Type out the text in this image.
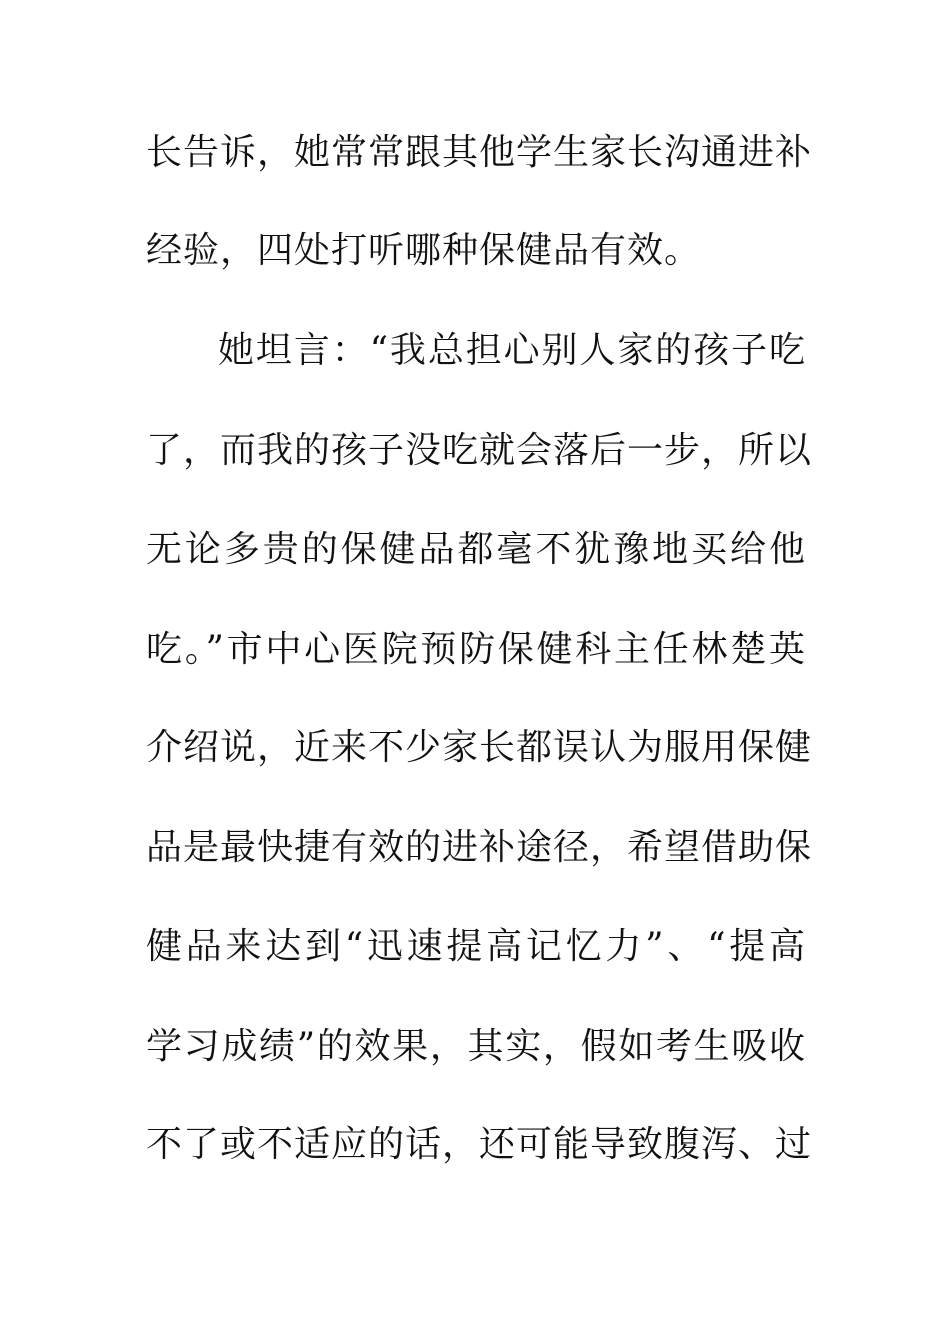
长告诉，她常常跟其他学生家长沟通进补
经验，四处打听哪种保健品有效。
她坦言：“我总担心别人家的孩子吃
了，而我的孩子没吃就会落后一步，所以
无论多贵的保健品都毫不犹豫地买给他
吃。”市中心医院预防保健科主任林楚英
介绍说，近来不少家长都误认为服用保健
品是最快捷有效的进补途径，希望借助保
健品来达到“迅速提高记忆力”、“提高
学习成绩”的效果，其实，假如考生吸收
不了或不适应的话，还可能导致腹泻、过
